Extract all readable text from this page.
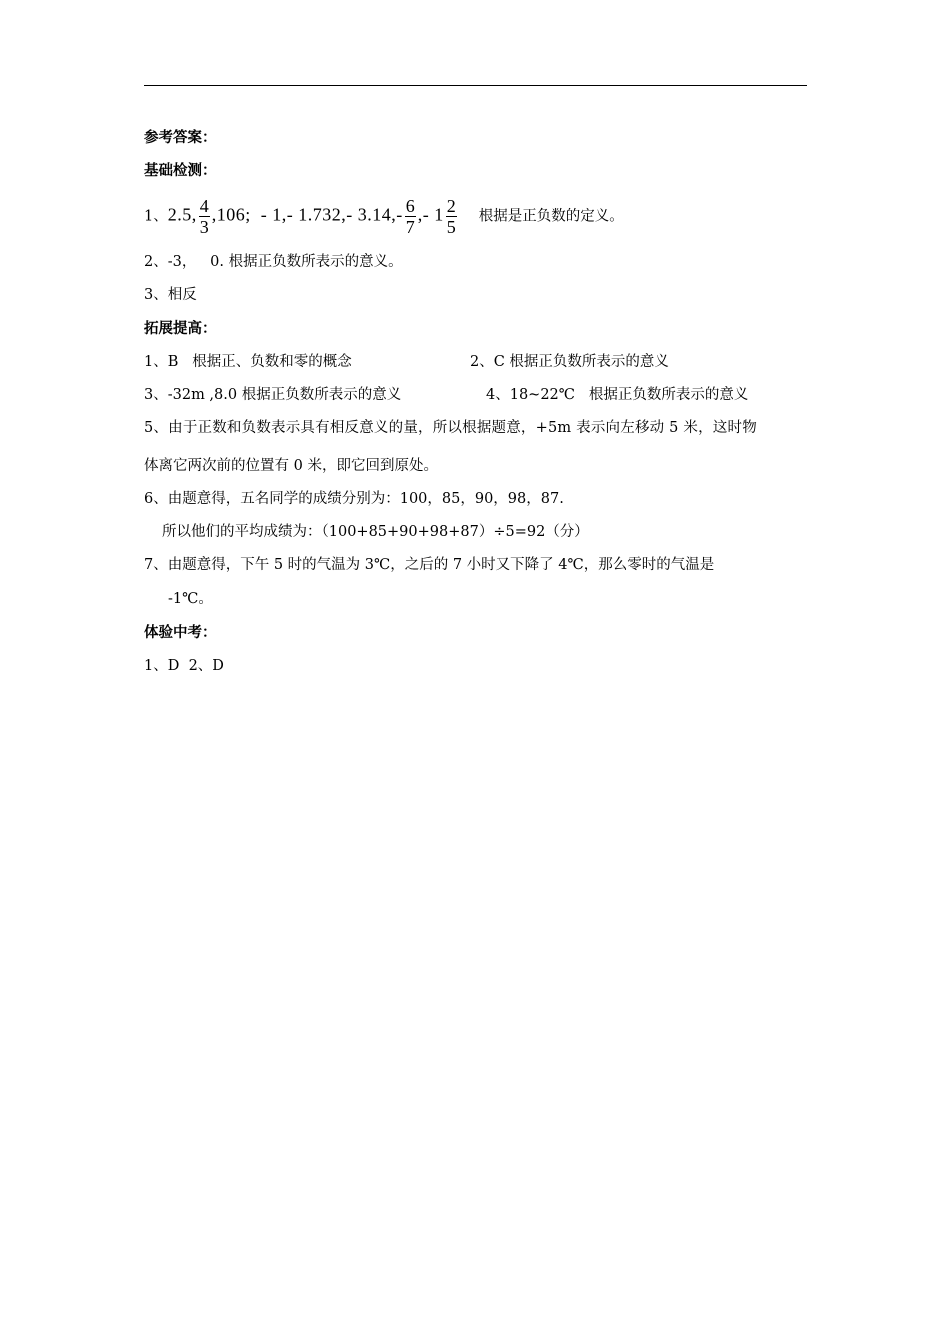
参考答案：
基础检测：
1、2.5, $\frac{4}{3} ,106$;  - 1,- 1.732,- $3.14,- \frac{6}{7}$ ,- $1 \frac{2}{5}$ 根据是正负数的定义。
2、-3，   0. 根据正负数所表示的意义。
3、相反
拓展提高：
1、B   根据正、负数和零的概念	2、C 根据正负数所表示的意义
3、-32m ,8.0 根据正负数所表示的意义	4、18~22℃   根据正负数所表示的意义
5、由于正数和负数表示具有相反意义的量，所以根据题意，+5m 表示向左移动 5 米，这时物
体离它两次前的位置有 0 米，即它回到原处。
6、由题意得，五名同学的成绩分别为：100，85，90，98，87.
所以他们的平均成绩为：（100+85+90+98+87）÷5=92（分）
7、由题意得，下午 5 时的气温为 3℃，之后的 7 小时又下降了 4℃，那么零时的气温是
-1℃。
体验中考：
1、D  2、D
